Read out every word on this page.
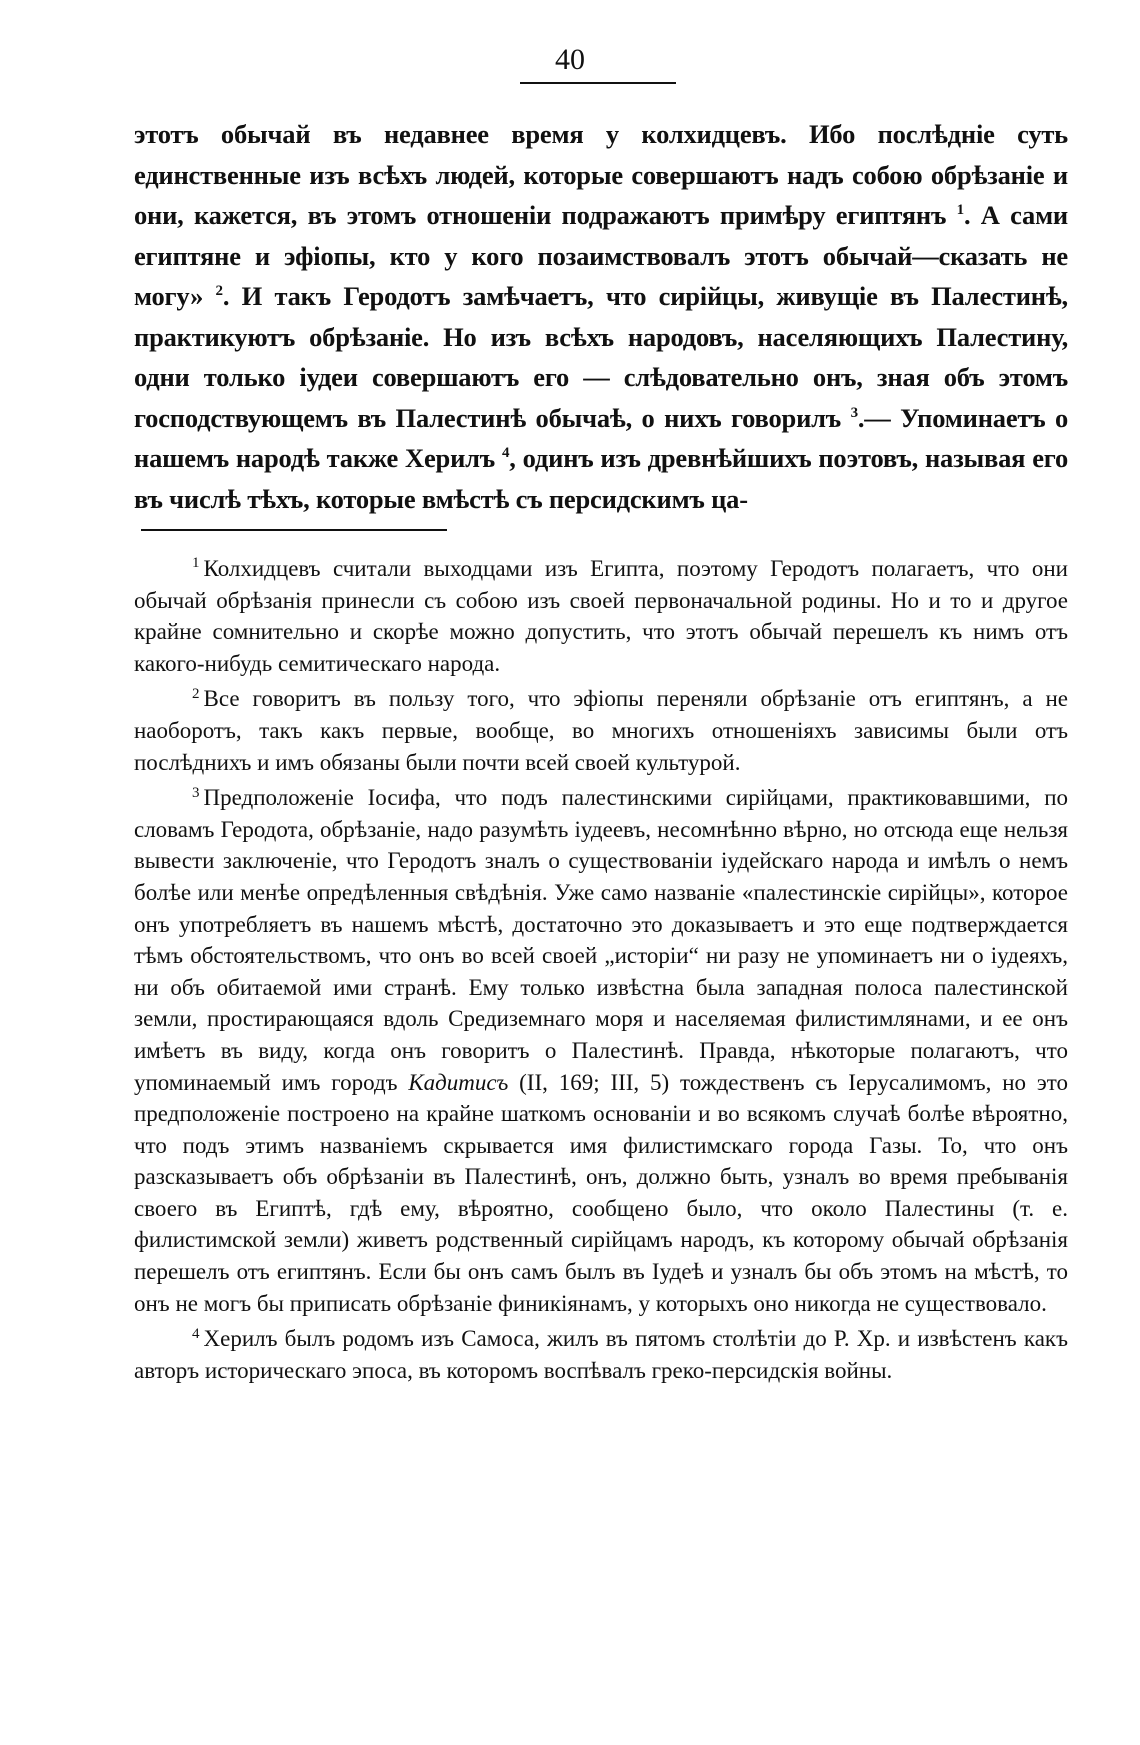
40

этотъ обычай въ недавнее время у колхидцевъ. Ибо послѣдніе суть единственные изъ всѣхъ людей, которые совершаютъ надъ собою обрѣзаніе и они, кажется, въ этомъ отношеніи подражаютъ примѣру египтянъ $^1$. А сами египтяне и эфіопы, кто у кого позаимствовалъ этотъ обычай—сказать не могу» $^2$. И такъ Геродотъ замѣчаетъ, что сирійцы, живущіе въ Палестинѣ, практикуютъ обрѣзаніе. Но изъ всѣхъ народовъ, населяющихъ Палестину, одни только іудеи совершаютъ его — слѣдовательно онъ, зная объ этомъ господствующемъ въ Палестинѣ обычаѣ, о нихъ говорилъ $^3$.— Упоминаетъ о нашемъ народѣ также Херилъ $^4$, одинъ изъ древнѣйшихъ поэтовъ, называя его въ числѣ тѣхъ, которые вмѣстѣ съ персидскимъ ца-

$^1$ Колхидцевъ считали выходцами изъ Египта, поэтому Геродотъ полагаетъ, что они обычай обрѣзанія принесли съ собою изъ своей первоначальной родины. Но и то и другое крайне сомнительно и скорѣе можно допустить, что этотъ обычай перешелъ къ нимъ отъ какого-нибудь семитическаго народа.

$^2$ Все говоритъ въ пользу того, что эфіопы переняли обрѣзаніе отъ египтянъ, а не наоборотъ, такъ какъ первые, вообще, во многихъ отношеніяхъ зависимы были отъ послѣднихъ и имъ обязаны были почти всей своей культурой.

$^3$ Предположеніе Іосифа, что подъ палестинскими сирійцами, практиковавшими, по словамъ Геродота, обрѣзаніе, надо разумѣть іудеевъ, несомнѣнно вѣрно, но отсюда еще нельзя вывести заключеніе, что Геродотъ зналъ о существованіи іудейскаго народа и имѣлъ о немъ болѣе или менѣе опредѣленныя свѣдѣнія. Уже само названіе «палестинскіе сирійцы», которое онъ употребляетъ въ нашемъ мѣстѣ, достаточно это доказываетъ и это еще подтверждается тѣмъ обстоятельствомъ, что онъ во всей своей „исторіи“ ни разу не упоминаетъ ни о іудеяхъ, ни объ обитаемой ими странѣ. Ему только извѣстна была западная полоса палестинской земли, простирающаяся вдоль Средиземнаго моря и населяемая филистимлянами, и ее онъ имѣетъ въ виду, когда онъ говоритъ о Палестинѣ. Правда, нѣкоторые полагаютъ, что упоминаемый имъ городъ Кадитисъ (II, 169; III, 5) тождественъ съ Іерусалимомъ, но это предположеніе построено на крайне шаткомъ основаніи и во всякомъ случаѣ болѣе вѣроятно, что подъ этимъ названіемъ скрывается имя филистимскаго города Газы. То, что онъ разсказываетъ объ обрѣзаніи въ Палестинѣ, онъ, должно быть, узналъ во время пребыванія своего въ Египтѣ, гдѣ ему, вѣроятно, сообщено было, что около Палестины (т. е. филистимской земли) живетъ родственный сирійцамъ народъ, къ которому обычай обрѣзанія перешелъ отъ египтянъ. Если бы онъ самъ былъ въ Іудеѣ и узналъ бы объ этомъ на мѣстѣ, то онъ не могъ бы приписать обрѣзаніе финикіянамъ, у которыхъ оно никогда не существовало.

$^4$ Херилъ былъ родомъ изъ Самоса, жилъ въ пятомъ столѣтіи до Р. Хр. и извѣстенъ какъ авторъ историческаго эпоса, въ которомъ воспѣвалъ греко-персидскія войны.
